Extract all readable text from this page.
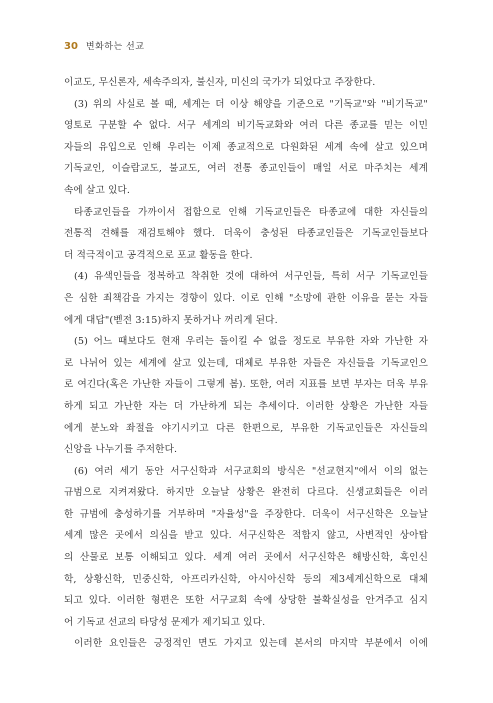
30 변화하는 선교
이교도, 무신론자, 세속주의자, 불신자, 미신의 국가가 되었다고 주장한다.
(3) 위의 사실로 볼 때, 세계는 더 이상 해양을 기준으로 "기독교"와 "비기독교"
영토로 구분할 수 없다. 서구 세계의 비기독교화와 여러 다른 종교를 믿는 이민
자들의 유입으로 인해 우리는 이제 종교적으로 다원화된 세계 속에 살고 있으며
기독교인, 이슬람교도, 불교도, 여러 전통 종교인들이 매일 서로 마주치는 세계
속에 살고 있다.
타종교인들을 가까이서 접함으로 인해 기독교인들은 타종교에 대한 자신들의
전통적 견해를 재검토해야 했다. 더욱이 충성된 타종교인들은 기독교인들보다
더 적극적이고 공격적으로 포교 활동을 한다.
(4) 유색인들을 정복하고 착취한 것에 대하여 서구인들, 특히 서구 기독교인들
은 심한 죄책감을 가지는 경향이 있다. 이로 인해 "소망에 관한 이유을 묻는 자들
에게 대답"(벧전 3:15)하지 못하거나 꺼리게 된다.
(5) 어느 때보다도 현재 우리는 돌이킬 수 없을 정도로 부유한 자와 가난한 자
로 나뉘어 있는 세계에 살고 있는데, 대체로 부유한 자들은 자신들을 기독교인으
로 여긴다(혹은 가난한 자들이 그렇게 봄). 또한, 여러 지표를 보면 부자는 더욱 부유
하게 되고 가난한 자는 더 가난하게 되는 추세이다. 이러한 상황은 가난한 자들
에게 분노와 좌절을 야기시키고 다른 한편으로, 부유한 기독교인들은 자신들의
신앙을 나누기를 주저한다.
(6) 여러 세기 동안 서구신학과 서구교회의 방식은 "선교현지"에서 이의 없는
규범으로 지켜져왔다. 하지만 오늘날 상황은 완전히 다르다. 신생교회들은 이러
한 규범에 충성하기를 거부하며 "자율성"을 주장한다. 더욱이 서구신학은 오늘날
세계 많은 곳에서 의심을 받고 있다. 서구신학은 적합지 않고, 사변적인 상아탑
의 산물로 보통 이해되고 있다. 세계 여러 곳에서 서구신학은 해방신학, 흑인신
학, 상황신학, 민중신학, 아프리카신학, 아시아신학 등의 제3세계신학으로 대체
되고 있다. 이러한 형편은 또한 서구교회 속에 상당한 불확실성을 안겨주고 심지
어 기독교 선교의 타당성 문제가 제기되고 있다.
이러한 요인들은 긍정적인 면도 가지고 있는데 본서의 마지막 부분에서 이에
